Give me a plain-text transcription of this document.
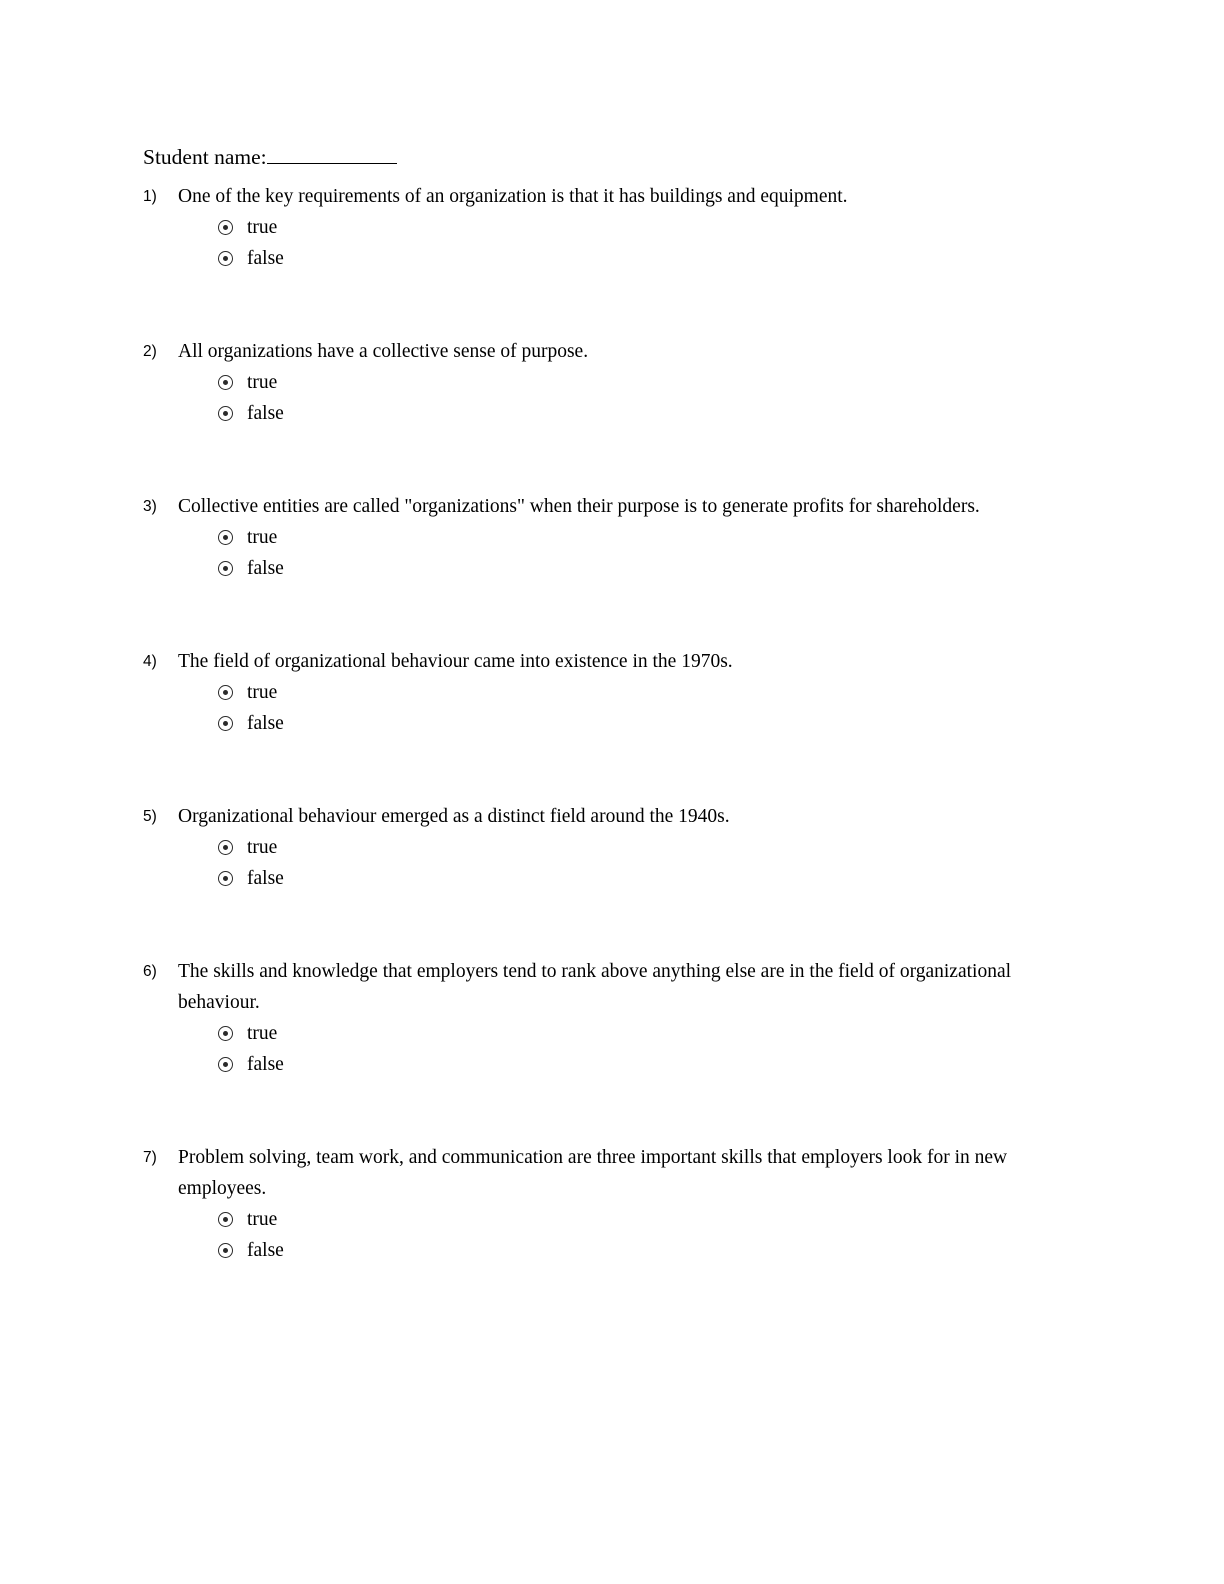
Student name:
1)	One of the key requirements of an organization is that it has buildings and equipment.
true
false
2)	All organizations have a collective sense of purpose.
true
false
3)	Collective entities are called "organizations" when their purpose is to generate profits for shareholders.
true
false
4)	The field of organizational behaviour came into existence in the 1970s.
true
false
5)	Organizational behaviour emerged as a distinct field around the 1940s.
true
false
6)	The skills and knowledge that employers tend to rank above anything else are in the field of organizational behaviour.
true
false
7)	Problem solving, team work, and communication are three important skills that employers look for in new employees.
true
false
